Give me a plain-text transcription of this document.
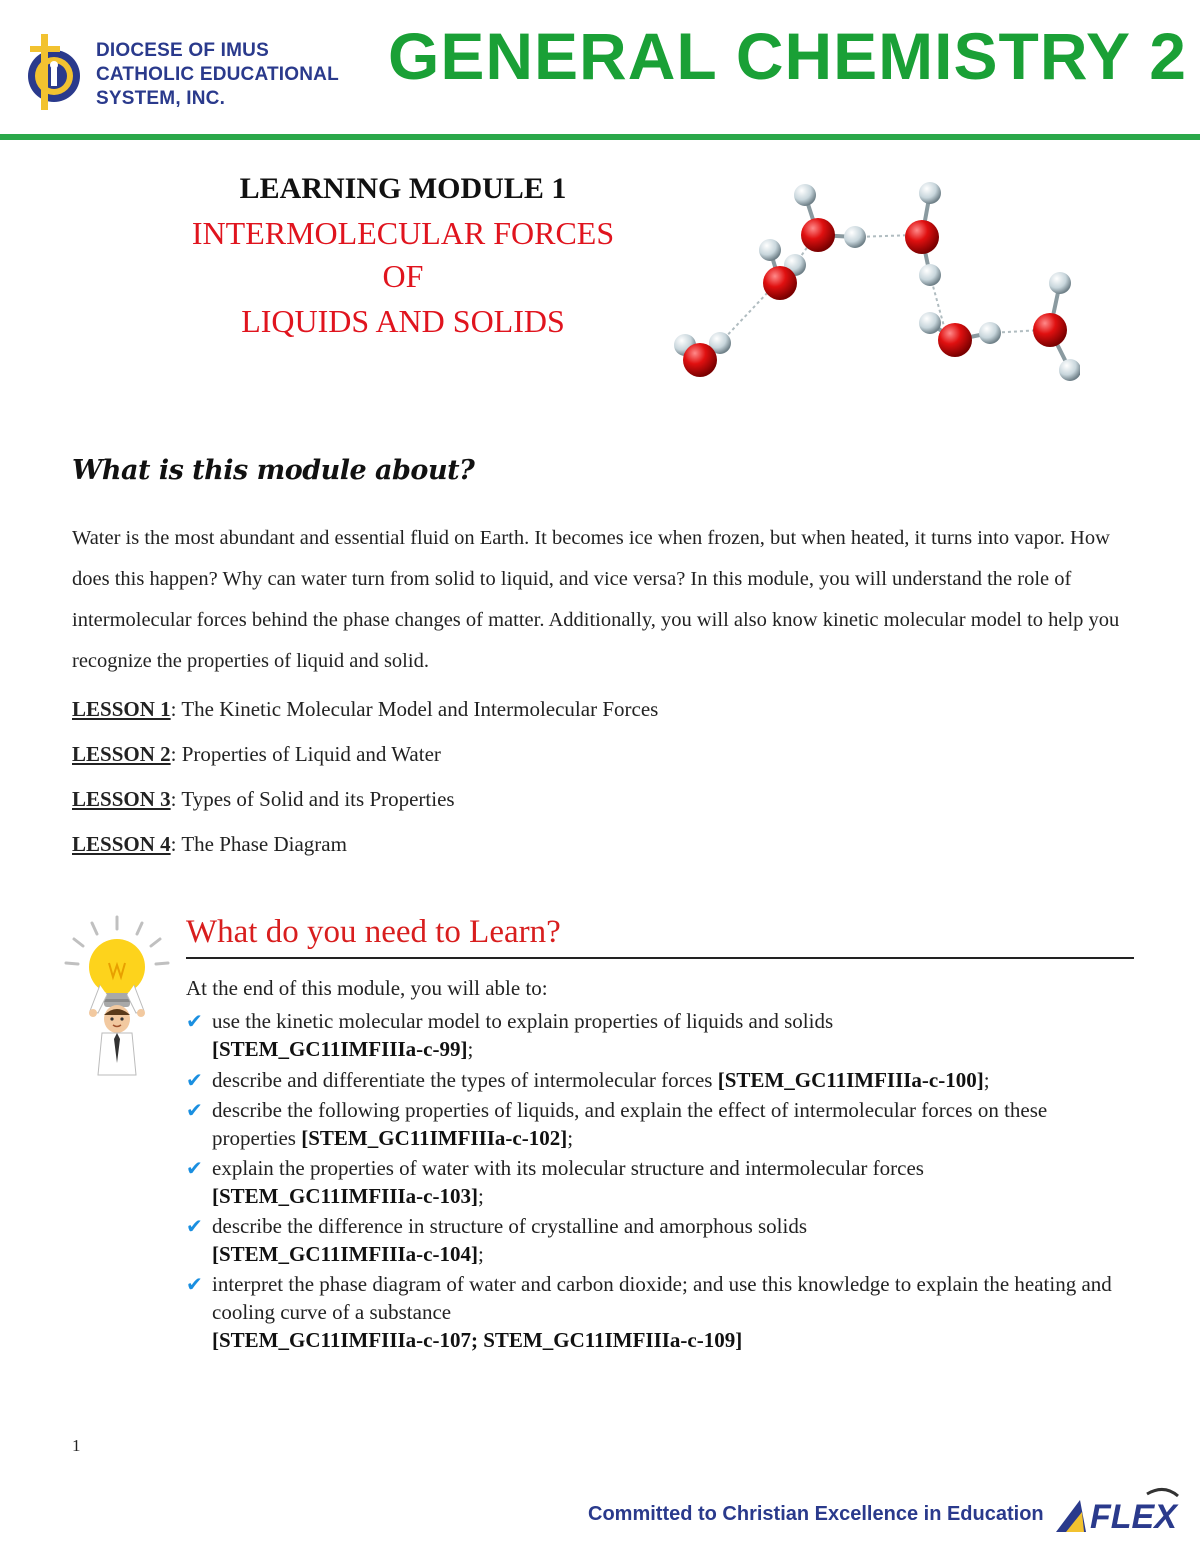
DIOCESE OF IMUS
CATHOLIC EDUCATIONAL
SYSTEM, INC.
GENERAL CHEMISTRY 2
LEARNING MODULE 1
INTERMOLECULAR FORCES
OF
LIQUIDS AND SOLIDS
What is this module about?

Water is the most abundant and essential fluid on Earth. It becomes ice when frozen, but when heated, it turns into vapor. How does this happen? Why can water turn from solid to liquid, and vice versa? In this module, you will understand the role of intermolecular forces behind the phase changes of matter. Additionally, you will also know kinetic molecular model to help you recognize the properties of liquid and solid.

LESSON 1: The Kinetic Molecular Model and Intermolecular Forces
LESSON 2: Properties of Liquid and Water
LESSON 3: Types of Solid and its Properties
LESSON 4: The Phase Diagram
What do you need to Learn?
At the end of this module, you will able to:
✔ use the kinetic molecular model to explain properties of liquids and solids
[STEM_GC11IMFIIIa-c-99];
✔ describe and differentiate the types of intermolecular forces [STEM_GC11IMFIIIa-c-100];
✔ describe the following properties of liquids, and explain the effect of intermolecular forces on these properties [STEM_GC11IMFIIIa-c-102];
✔ explain the properties of water with its molecular structure and intermolecular forces
[STEM_GC11IMFIIIa-c-103];
✔ describe the difference in structure of crystalline and amorphous solids
[STEM_GC11IMFIIIa-c-104];
✔ interpret the phase diagram of water and carbon dioxide; and use this knowledge to explain the heating and cooling curve of a substance
[STEM_GC11IMFIIIa-c-107; STEM_GC11IMFIIIa-c-109]
1
Committed to Christian Excellence in Education FLEX
